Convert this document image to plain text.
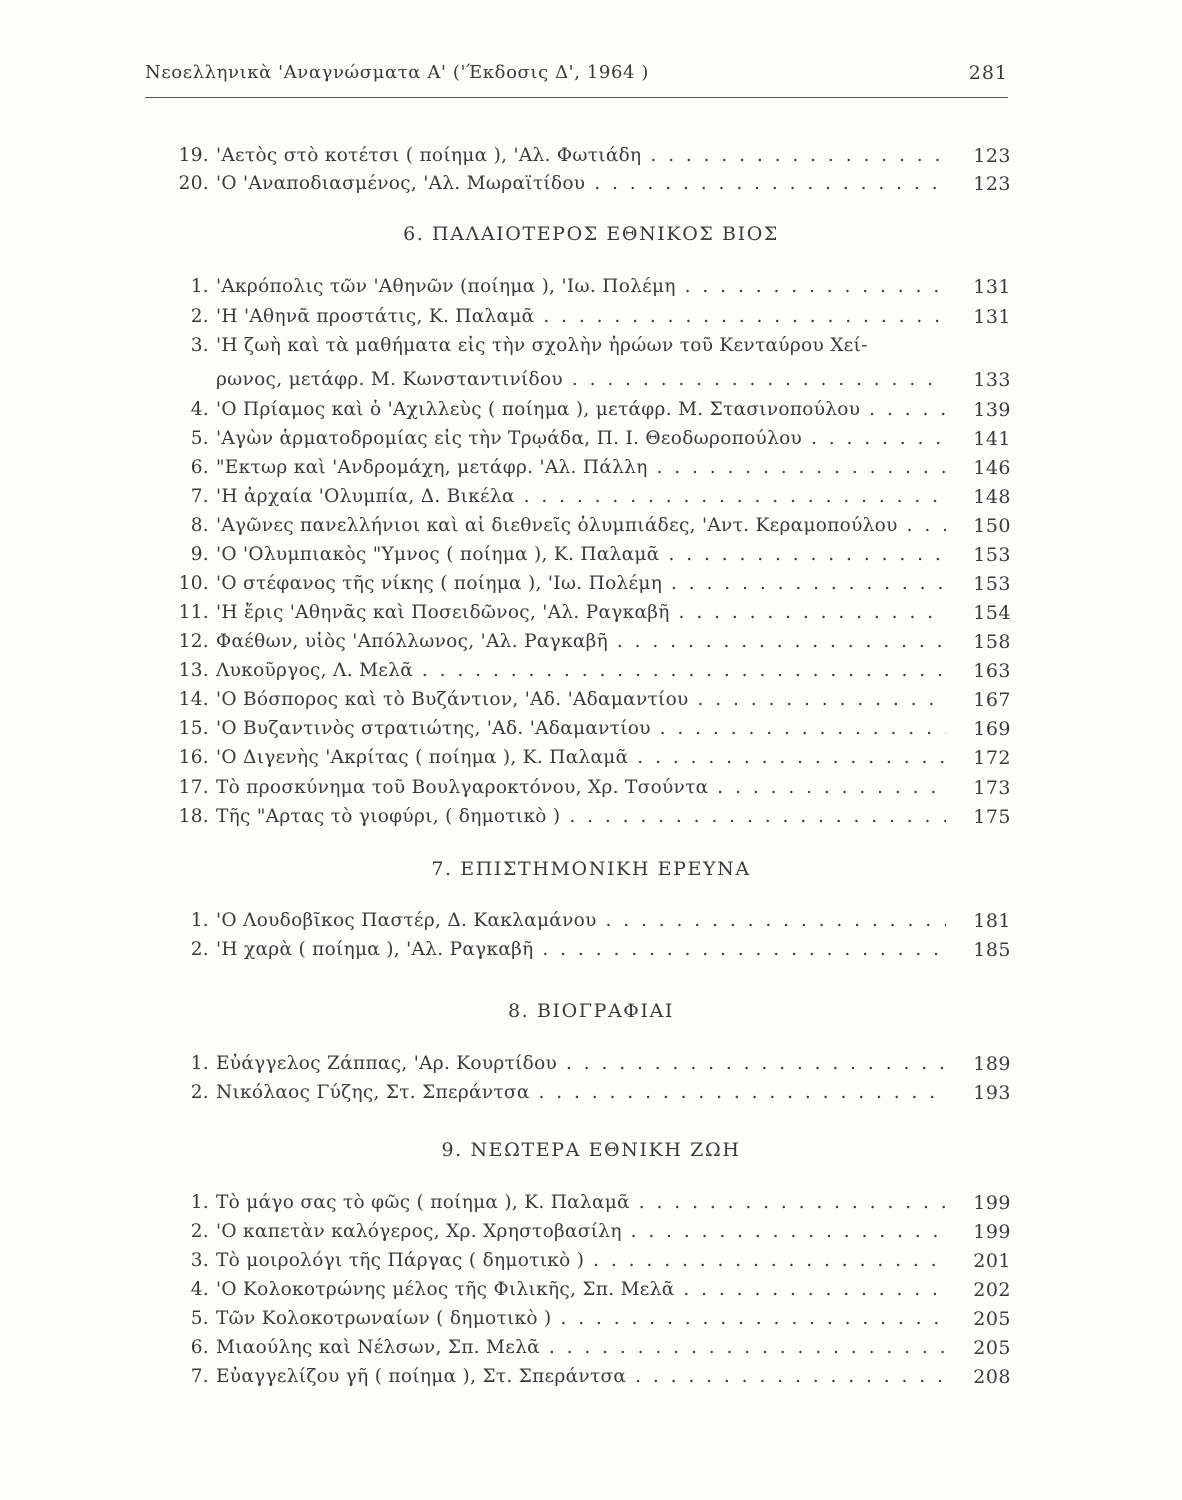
Νεοελληνικὰ 'Αναγνώσματα Α' ('Έκδοσις Δ', 1964 )	281
19. 'Αετὸς στὸ κοτέτσι ( ποίημα ), 'Αλ. Φωτιάδη . . .	123
20. 'Ο 'Αναποδιασμένος, 'Αλ. Μωραϊτίδου . . .	123
6. ΠΑΛΑΙΟΤΕΡΟΣ ΕΘΝΙΚΟΣ ΒΙΟΣ
1. 'Ακρόπολις τῶν 'Αθηνῶν (ποίημα ), 'Ιω. Πολέμη . . .	131
2. 'Η 'Αθηνᾶ προστάτις, Κ. Παλαμᾶ . . .	131
3. 'Η ζωὴ καὶ τὰ μαθήματα εἰς τὴν σχολὴν ἡρώων τοῦ Κενταύρου Χεί-
ρωνος, μετάφρ. Μ. Κωνσταντινίδου . . .	133
4. 'Ο Πρίαμος καὶ ὁ 'Αχιλλεὺς ( ποίημα ), μετάφρ. Μ. Στασινοπούλου . . .	139
5. 'Αγὼν ἁρματοδρομίας εἰς τὴν Τρῳάδα, Π. Ι. Θεοδωροπούλου . . .	141
6. "Εκτωρ καὶ 'Ανδρομάχη, μετάφρ. 'Αλ. Πάλλη . . .	146
7. 'Η ἀρχαία 'Ολυμπία, Δ. Βικέλα . . .	148
8. 'Αγῶνες πανελλήνιοι καὶ αἱ διεθνεῖς ὀλυμπιάδες, 'Αντ. Κεραμοπούλου . . .	150
9. 'Ο 'Ολυμπιακὸς "Υμνος ( ποίημα ), Κ. Παλαμᾶ . . .	153
10. 'Ο στέφανος τῆς νίκης ( ποίημα ), 'Ιω. Πολέμη . . .	153
11. 'Η ἔρις 'Αθηνᾶς καὶ Ποσειδῶνος, 'Αλ. Ραγκαβῆ . . .	154
12. Φαέθων, υἱὸς 'Απόλλωνος, 'Αλ. Ραγκαβῆ . . .	158
13. Λυκοῦργος, Λ. Μελᾶ . . .	163
14. 'Ο Βόσπορος καὶ τὸ Βυζάντιον, 'Αδ. 'Αδαμαντίου . . .	167
15. 'Ο Βυζαντινὸς στρατιώτης, 'Αδ. 'Αδαμαντίου . . .	169
16. 'Ο Διγενὴς 'Ακρίτας ( ποίημα ), Κ. Παλαμᾶ . . .	172
17. Τὸ προσκύνημα τοῦ Βουλγαροκτόνου, Χρ. Τσούντα . . .	173
18. Τῆς "Αρτας τὸ γιοφύρι, ( δημοτικὸ ) . . .	175
7. ΕΠΙΣΤΗΜΟΝΙΚΗ ΕΡΕΥΝΑ
1. 'Ο Λουδοβῖκος Παστέρ, Δ. Κακλαμάνου . . .	181
2. 'Η χαρὰ ( ποίημα ), 'Αλ. Ραγκαβῆ . . .	185
8. ΒΙΟΓΡΑΦΙΑΙ
1. Εὐάγγελος Ζάππας, 'Αρ. Κουρτίδου . . .	189
2. Νικόλαος Γύζης, Στ. Σπεράντσα . . .	193
9. ΝΕΩΤΕΡΑ ΕΘΝΙΚΗ ΖΩΗ
1. Τὸ μάγο σας τὸ φῶς ( ποίημα ), Κ. Παλαμᾶ . . .	199
2. 'Ο καπετὰν καλόγερος, Χρ. Χρηστοβασίλη . . .	199
3. Τὸ μοιρολόγι τῆς Πάργας ( δημοτικὸ ) . . .	201
4. 'Ο Κολοκοτρώνης μέλος τῆς Φιλικῆς, Σπ. Μελᾶ . . .	202
5. Τῶν Κολοκοτρωναίων ( δημοτικὸ ) . . .	205
6. Μιαούλης καὶ Νέλσων, Σπ. Μελᾶ . . .	205
7. Εὐαγγελίζου γῆ ( ποίημα ), Στ. Σπεράντσα . . .	208
